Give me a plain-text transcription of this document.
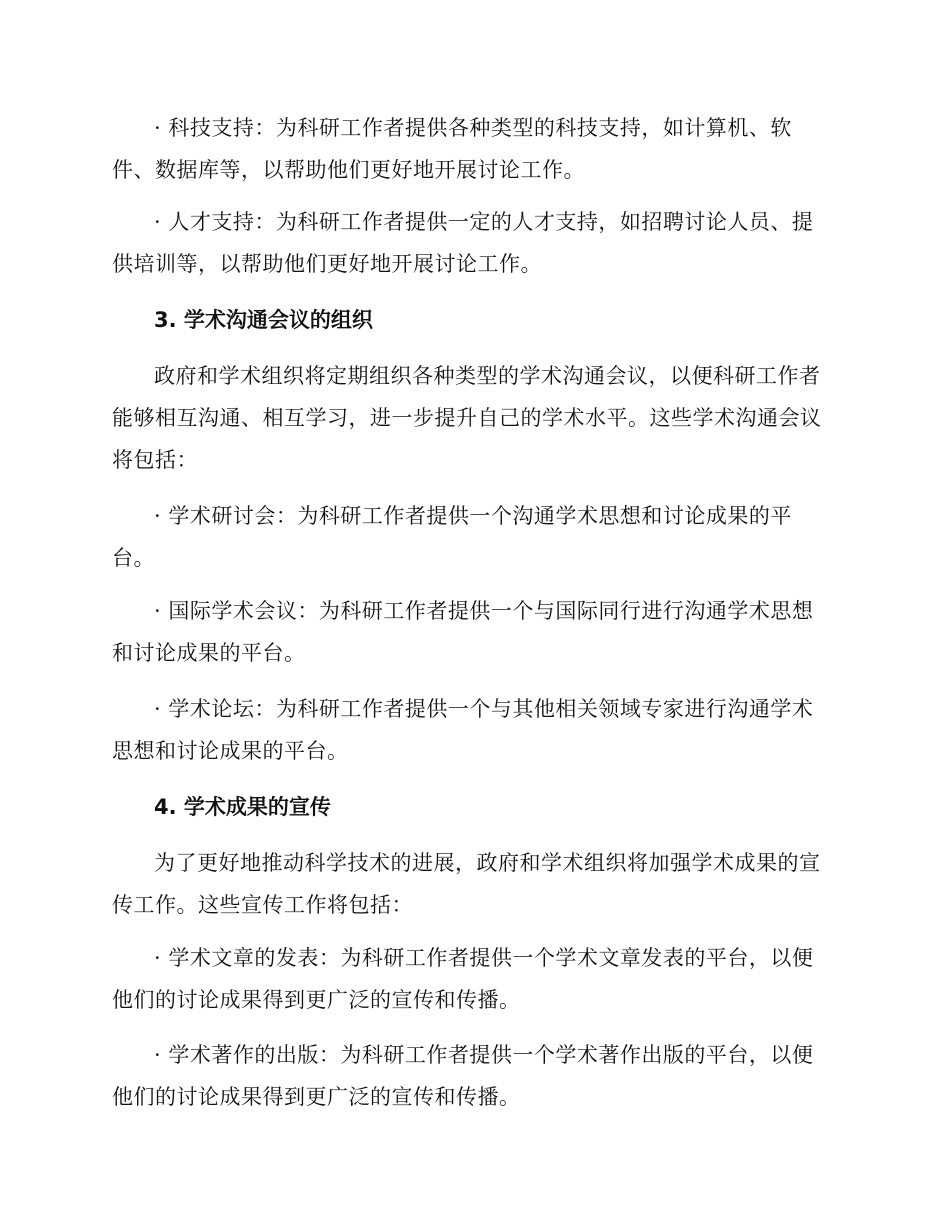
· 科技支持：为科研工作者提供各种类型的科技支持，如计算机、软件、数据库等，以帮助他们更好地开展讨论工作。

· 人才支持：为科研工作者提供一定的人才支持，如招聘讨论人员、提供培训等，以帮助他们更好地开展讨论工作。

3. 学术沟通会议的组织

政府和学术组织将定期组织各种类型的学术沟通会议，以便科研工作者能够相互沟通、相互学习，进一步提升自己的学术水平。这些学术沟通会议将包括：

· 学术研讨会：为科研工作者提供一个沟通学术思想和讨论成果的平台。

· 国际学术会议：为科研工作者提供一个与国际同行进行沟通学术思想和讨论成果的平台。

· 学术论坛：为科研工作者提供一个与其他相关领域专家进行沟通学术思想和讨论成果的平台。

4. 学术成果的宣传

为了更好地推动科学技术的进展，政府和学术组织将加强学术成果的宣传工作。这些宣传工作将包括：

· 学术文章的发表：为科研工作者提供一个学术文章发表的平台，以便他们的讨论成果得到更广泛的宣传和传播。

· 学术著作的出版：为科研工作者提供一个学术著作出版的平台，以便他们的讨论成果得到更广泛的宣传和传播。
